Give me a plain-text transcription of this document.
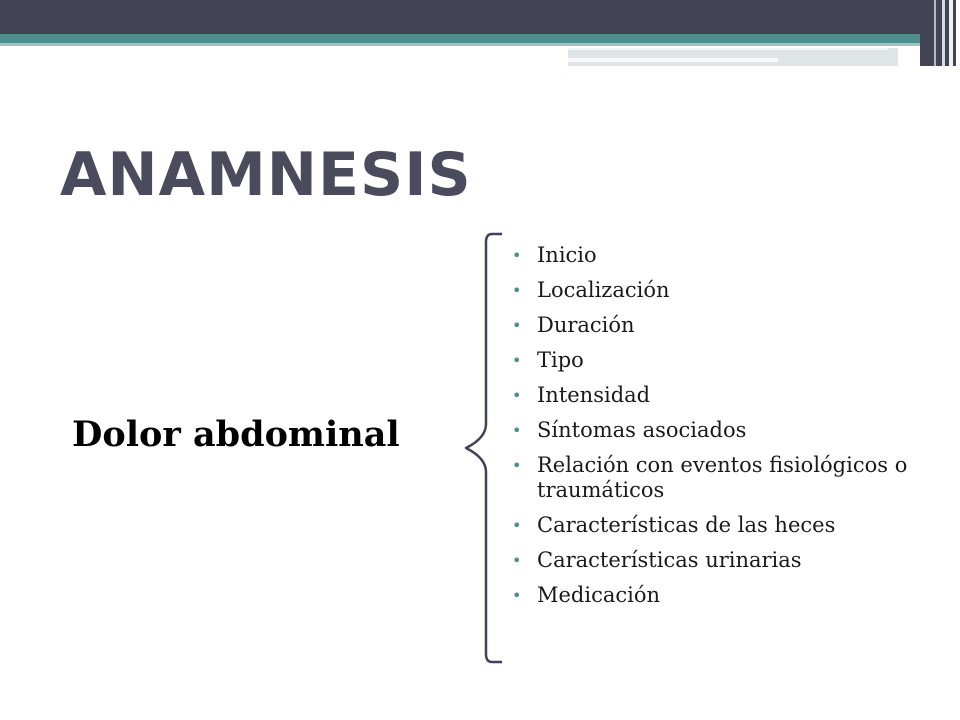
ANAMNESIS
Dolor abdominal
• Inicio
• Localización
• Duración
• Tipo
• Intensidad
• Síntomas asociados
• Relación con eventos fisiológicos o traumáticos
• Características de las heces
• Características urinarias
• Medicación
